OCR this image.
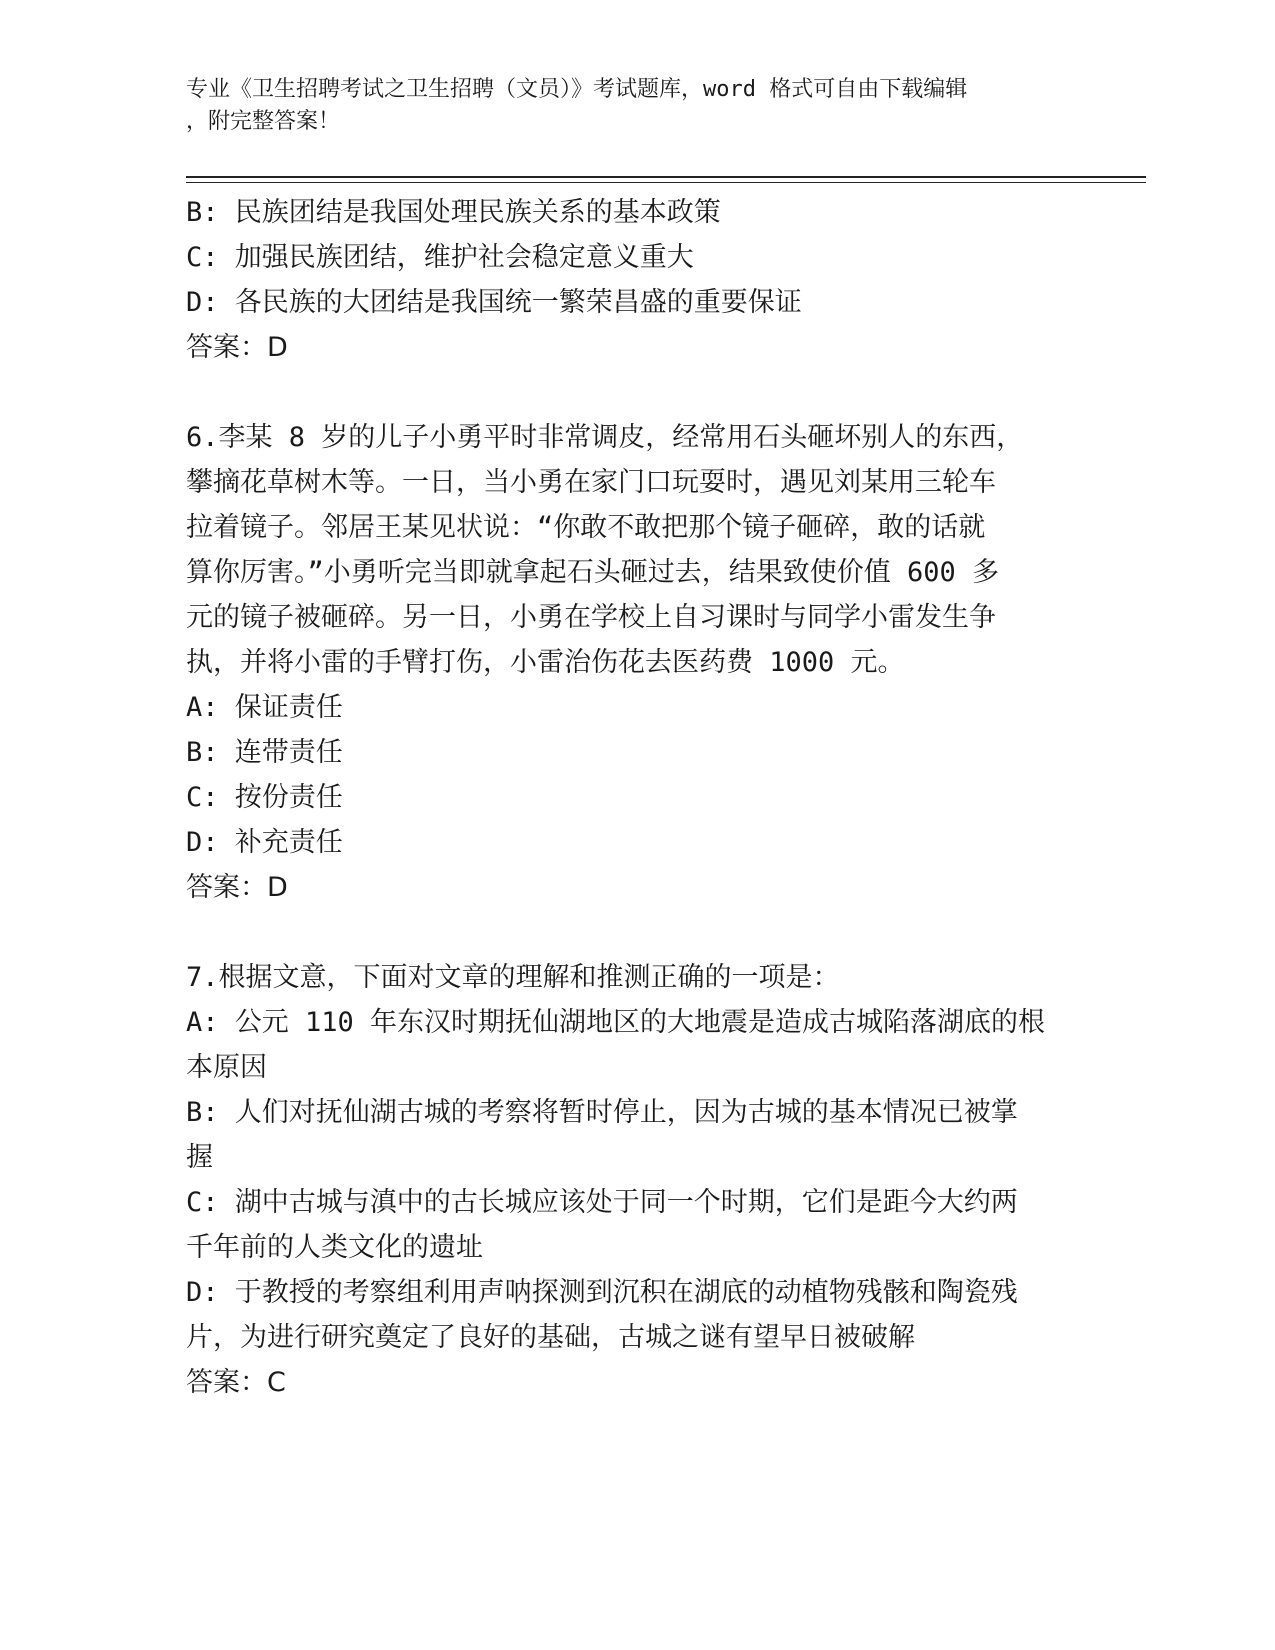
专业《卫生招聘考试之卫生招聘（文员）》考试题库，word 格式可自由下载编辑
，附完整答案！
B: 民族团结是我国处理民族关系的基本政策
C: 加强民族团结，维护社会稳定意义重大
D: 各民族的大团结是我国统一繁荣昌盛的重要保证
答案：D
6.李某 8 岁的儿子小勇平时非常调皮，经常用石头砸坏别人的东西，
攀摘花草树木等。一日，当小勇在家门口玩耍时，遇见刘某用三轮车
拉着镜子。邻居王某见状说：“你敢不敢把那个镜子砸碎，敢的话就
算你厉害。”小勇听完当即就拿起石头砸过去，结果致使价值 600 多
元的镜子被砸碎。另一日，小勇在学校上自习课时与同学小雷发生争
执，并将小雷的手臂打伤，小雷治伤花去医药费 1000 元。
A: 保证责任
B: 连带责任
C: 按份责任
D: 补充责任
答案：D
7.根据文意，下面对文章的理解和推测正确的一项是：
A: 公元 110 年东汉时期抚仙湖地区的大地震是造成古城陷落湖底的根
本原因
B: 人们对抚仙湖古城的考察将暂时停止，因为古城的基本情况已被掌
握
C: 湖中古城与滇中的古长城应该处于同一个时期，它们是距今大约两
千年前的人类文化的遗址
D: 于教授的考察组利用声呐探测到沉积在湖底的动植物残骸和陶瓷残
片，为进行研究奠定了良好的基础，古城之谜有望早日被破解
答案：C
